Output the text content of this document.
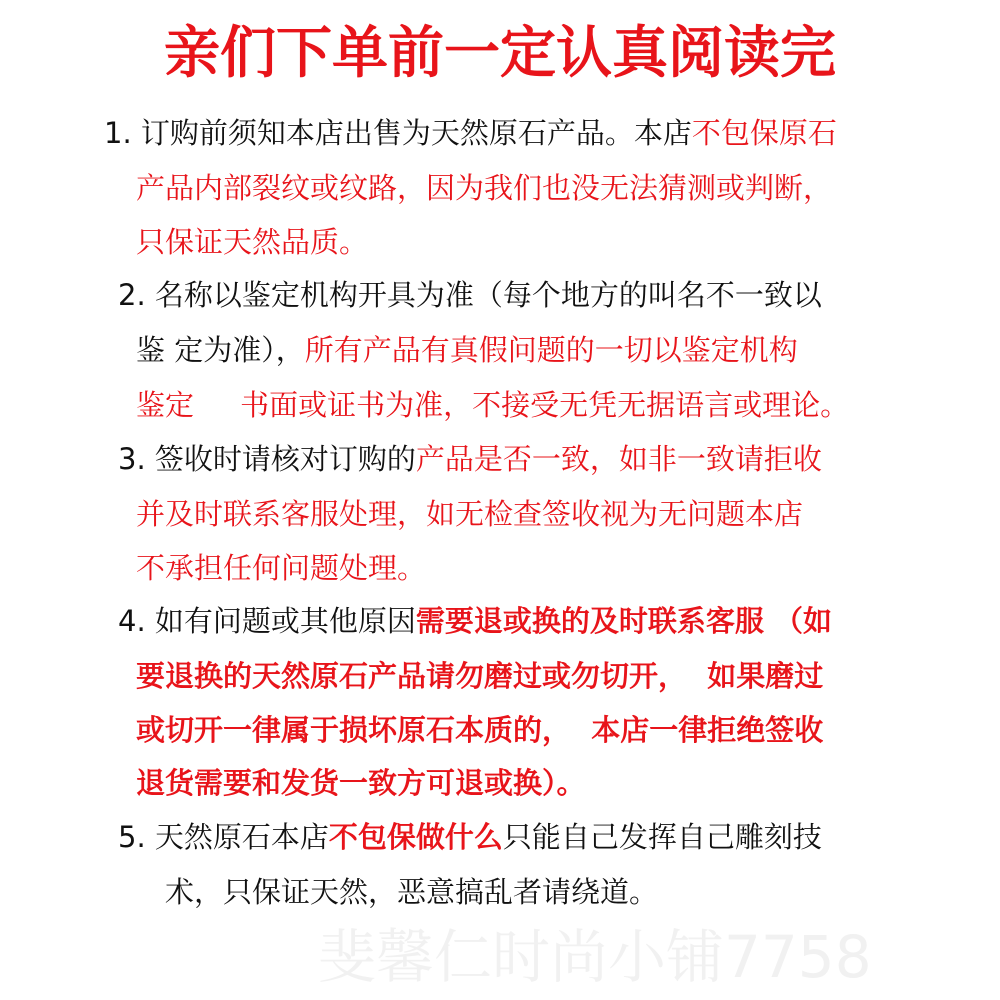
亲们下单前一定认真阅读完
1. 订购前须知本店出售为天然原石产品。本店不包保原石
产品内部裂纹或纹路，因为我们也没无法猜测或判断，
只保证天然品质。
2. 名称以鉴定机构开具为准（每个地方的叫名不一致以
鉴 定为准），所有产品有真假问题的一切以鉴定机构
鉴定     书面或证书为准，不接受无凭无据语言或理论。
3. 签收时请核对订购的产品是否一致，如非一致请拒收
并及时联系客服处理，如无检查签收视为无问题本店
不承担任何问题处理。
4. 如有问题或其他原因需要退或换的及时联系客服 （如
要退换的天然原石产品请勿磨过或勿切开，  如果磨过
或切开一律属于损坏原石本质的，  本店一律拒绝签收
退货需要和发货一致方可退或换）。
5. 天然原石本店不包保做什么只能自己发挥自己雕刻技
术，只保证天然，恶意搞乱者请绕道。
斐馨仁时尚小铺7758
